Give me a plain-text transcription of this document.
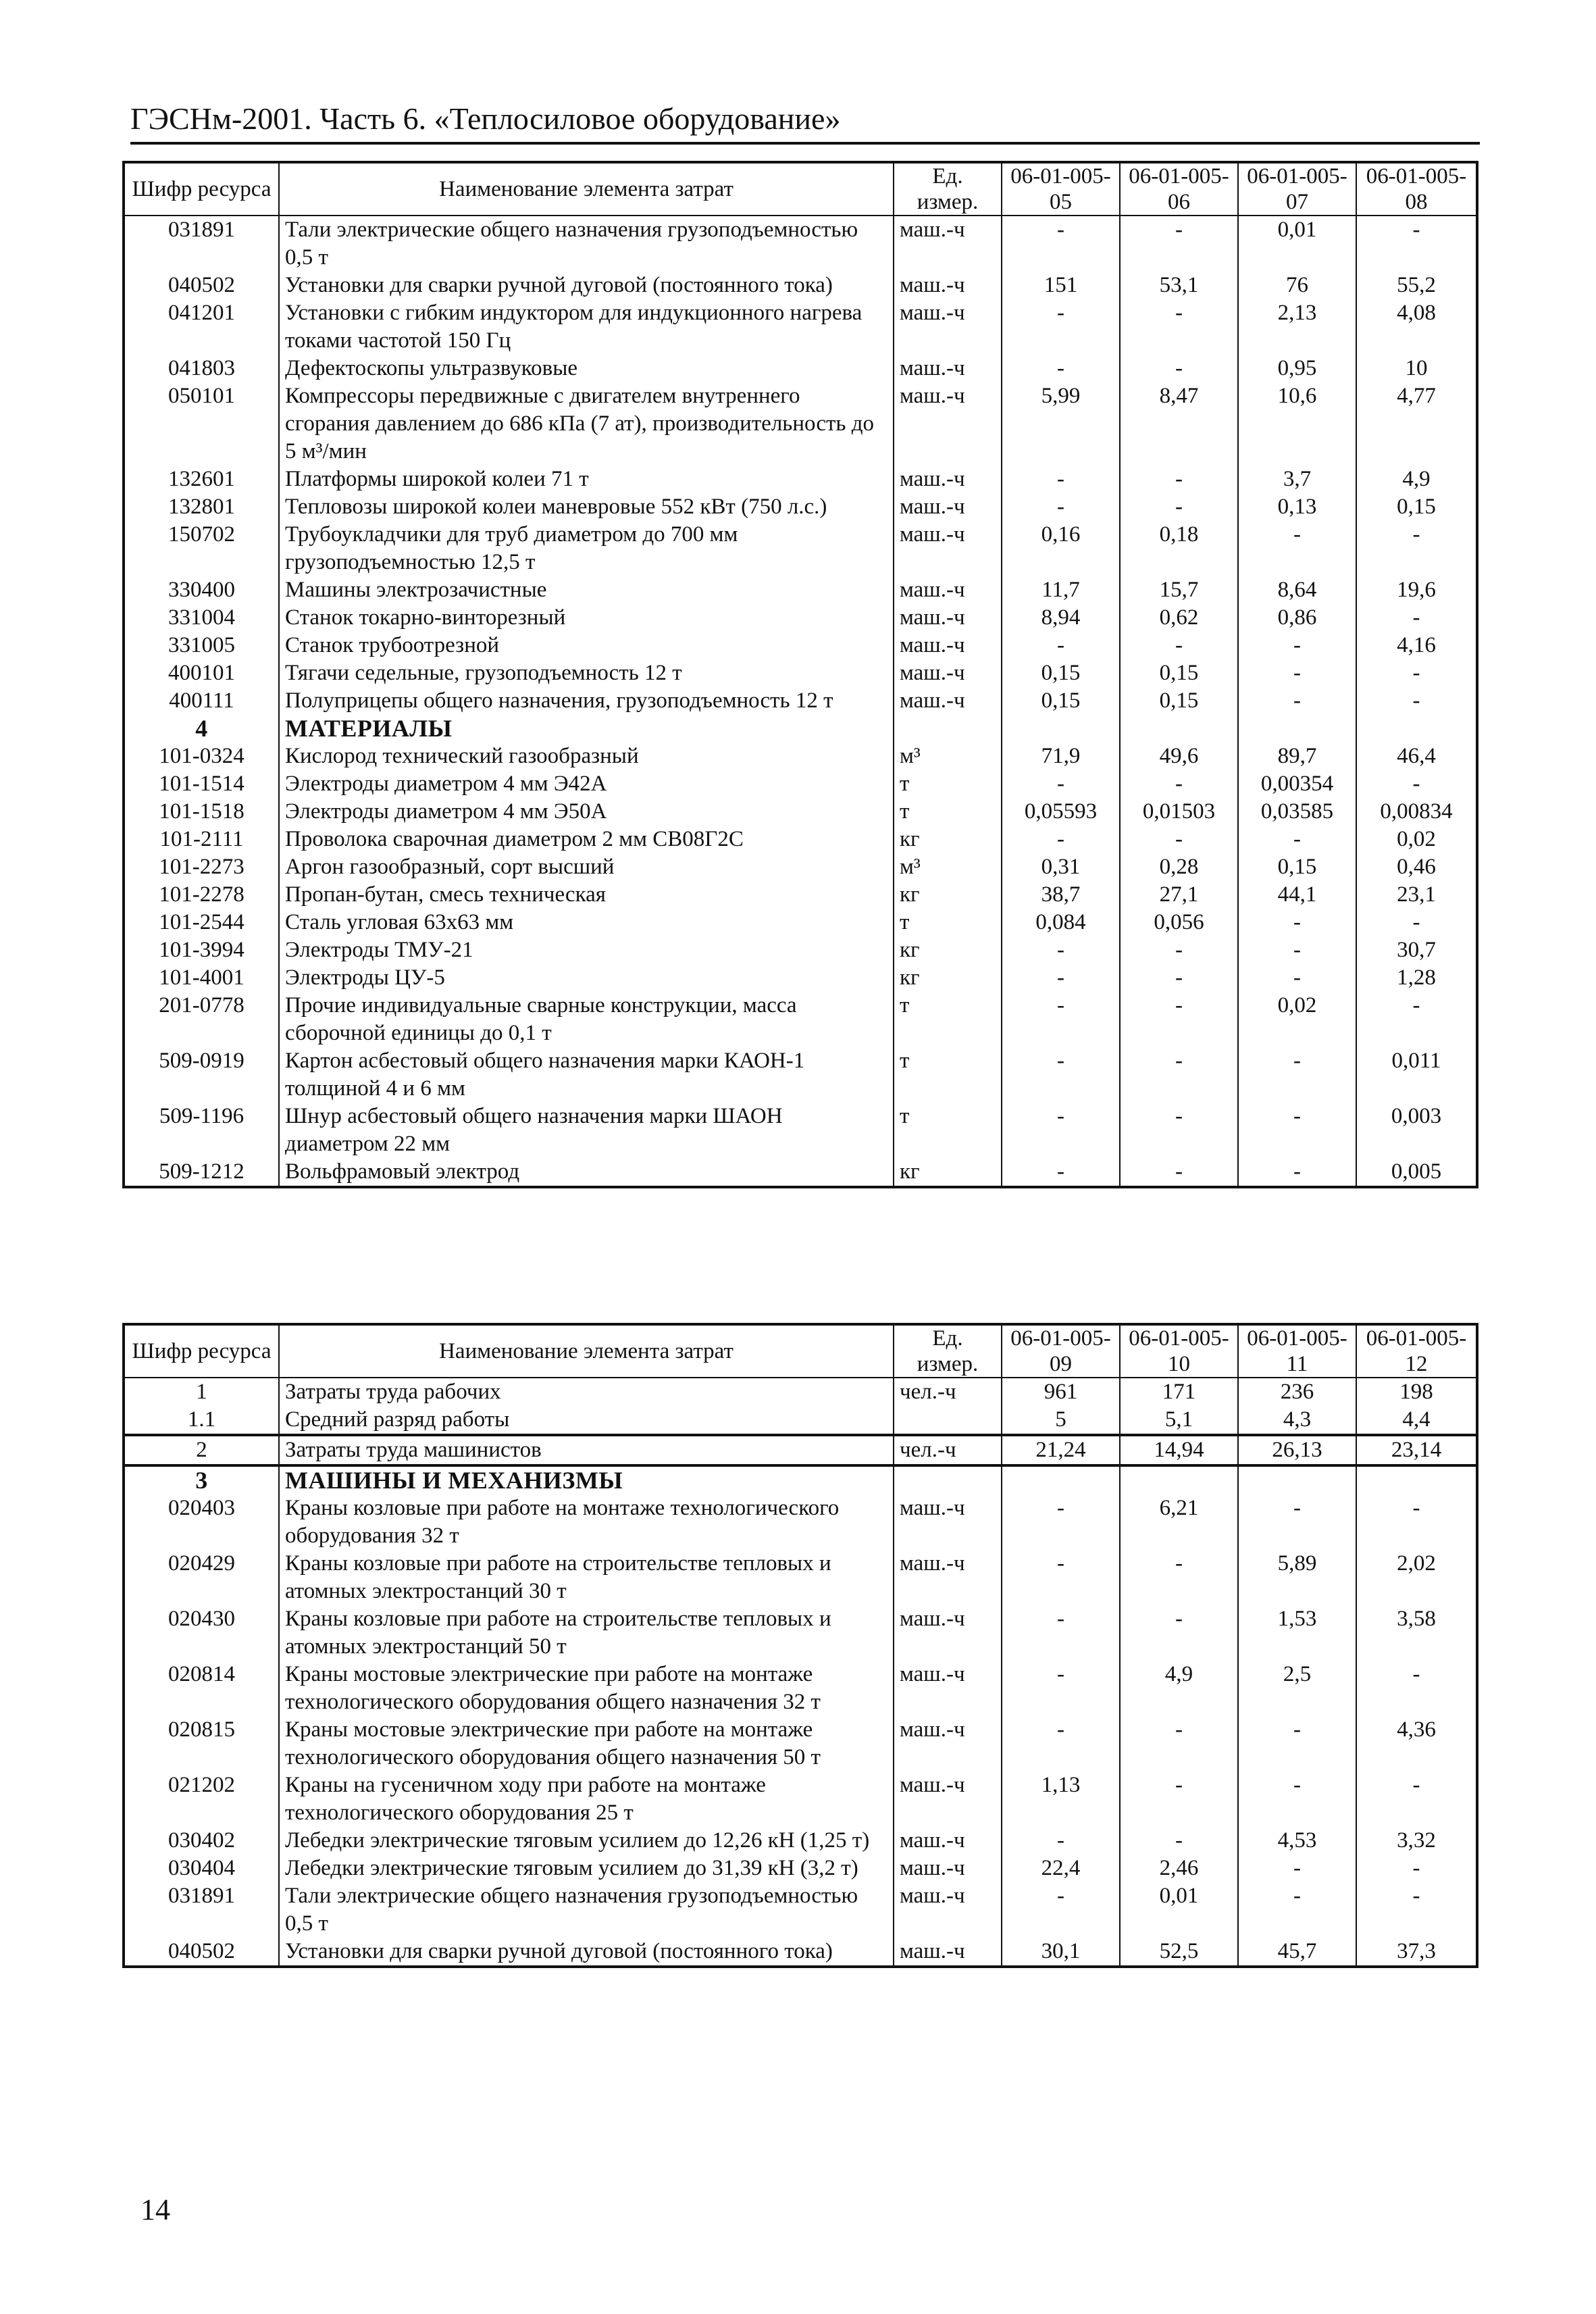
ГЭСНм-2001. Часть 6. «Теплосиловое оборудование»
Шифр ресурса	Наименование элемента затрат	Ед. измер.	06-01-005-05	06-01-005-06	06-01-005-07	06-01-005-08
031891	Тали электрические общего назначения грузоподъемностью 0,5 т	маш.-ч	-	-	0,01	-
040502	Установки для сварки ручной дуговой (постоянного тока)	маш.-ч	151	53,1	76	55,2
041201	Установки с гибким индуктором для индукционного нагрева токами частотой 150 Гц	маш.-ч	-	-	2,13	4,08
041803	Дефектоскопы ультразвуковые	маш.-ч	-	-	0,95	10
050101	Компрессоры передвижные с двигателем внутреннего сгорания давлением до 686 кПа (7 ат), производительность до 5 м³/мин	маш.-ч	5,99	8,47	10,6	4,77
132601	Платформы широкой колеи 71 т	маш.-ч	-	-	3,7	4,9
132801	Тепловозы широкой колеи маневровые 552 кВт (750 л.с.)	маш.-ч	-	-	0,13	0,15
150702	Трубоукладчики для труб диаметром до 700 мм грузоподъемностью 12,5 т	маш.-ч	0,16	0,18	-	-
330400	Машины электрозачистные	маш.-ч	11,7	15,7	8,64	19,6
331004	Станок токарно-винторезный	маш.-ч	8,94	0,62	0,86	-
331005	Станок трубоотрезной	маш.-ч	-	-	-	4,16
400101	Тягачи седельные, грузоподъемность 12 т	маш.-ч	0,15	0,15	-	-
400111	Полуприцепы общего назначения, грузоподъемность 12 т	маш.-ч	0,15	0,15	-	-
4	МАТЕРИАЛЫ					
101-0324	Кислород технический газообразный	м³	71,9	49,6	89,7	46,4
101-1514	Электроды диаметром 4 мм Э42А	т	-	-	0,00354	-
101-1518	Электроды диаметром 4 мм Э50А	т	0,05593	0,01503	0,03585	0,00834
101-2111	Проволока сварочная диаметром 2 мм СВ08Г2С	кг	-	-	-	0,02
101-2273	Аргон газообразный, сорт высший	м³	0,31	0,28	0,15	0,46
101-2278	Пропан-бутан, смесь техническая	кг	38,7	27,1	44,1	23,1
101-2544	Сталь угловая 63х63 мм	т	0,084	0,056	-	-
101-3994	Электроды ТМУ-21	кг	-	-	-	30,7
101-4001	Электроды ЦУ-5	кг	-	-	-	1,28
201-0778	Прочие индивидуальные сварные конструкции, масса сборочной единицы до 0,1 т	т	-	-	0,02	-
509-0919	Картон асбестовый общего назначения марки КАОН-1 толщиной 4 и 6 мм	т	-	-	-	0,011
509-1196	Шнур асбестовый общего назначения марки ШАОН диаметром 22 мм	т	-	-	-	0,003
509-1212	Вольфрамовый электрод	кг	-	-	-	0,005
Шифр ресурса	Наименование элемента затрат	Ед. измер.	06-01-005-09	06-01-005-10	06-01-005-11	06-01-005-12
1	Затраты труда рабочих	чел.-ч	961	171	236	198
1.1	Средний разряд работы		5	5,1	4,3	4,4
2	Затраты труда машинистов	чел.-ч	21,24	14,94	26,13	23,14
3	МАШИНЫ И МЕХАНИЗМЫ					
020403	Краны козловые при работе на монтаже технологического оборудования 32 т	маш.-ч	-	6,21	-	-
020429	Краны козловые при работе на строительстве тепловых и атомных электростанций 30 т	маш.-ч	-	-	5,89	2,02
020430	Краны козловые при работе на строительстве тепловых и атомных электростанций 50 т	маш.-ч	-	-	1,53	3,58
020814	Краны мостовые электрические при работе на монтаже технологического оборудования общего назначения 32 т	маш.-ч	-	4,9	2,5	-
020815	Краны мостовые электрические при работе на монтаже технологического оборудования общего назначения 50 т	маш.-ч	-	-	-	4,36
021202	Краны на гусеничном ходу при работе на монтаже технологического оборудования 25 т	маш.-ч	1,13	-	-	-
030402	Лебедки электрические тяговым усилием до 12,26 кН (1,25 т)	маш.-ч	-	-	4,53	3,32
030404	Лебедки электрические тяговым усилием до 31,39 кН (3,2 т)	маш.-ч	22,4	2,46	-	-
031891	Тали электрические общего назначения грузоподъемностью 0,5 т	маш.-ч	-	0,01	-	-
040502	Установки для сварки ручной дуговой (постоянного тока)	маш.-ч	30,1	52,5	45,7	37,3
14
